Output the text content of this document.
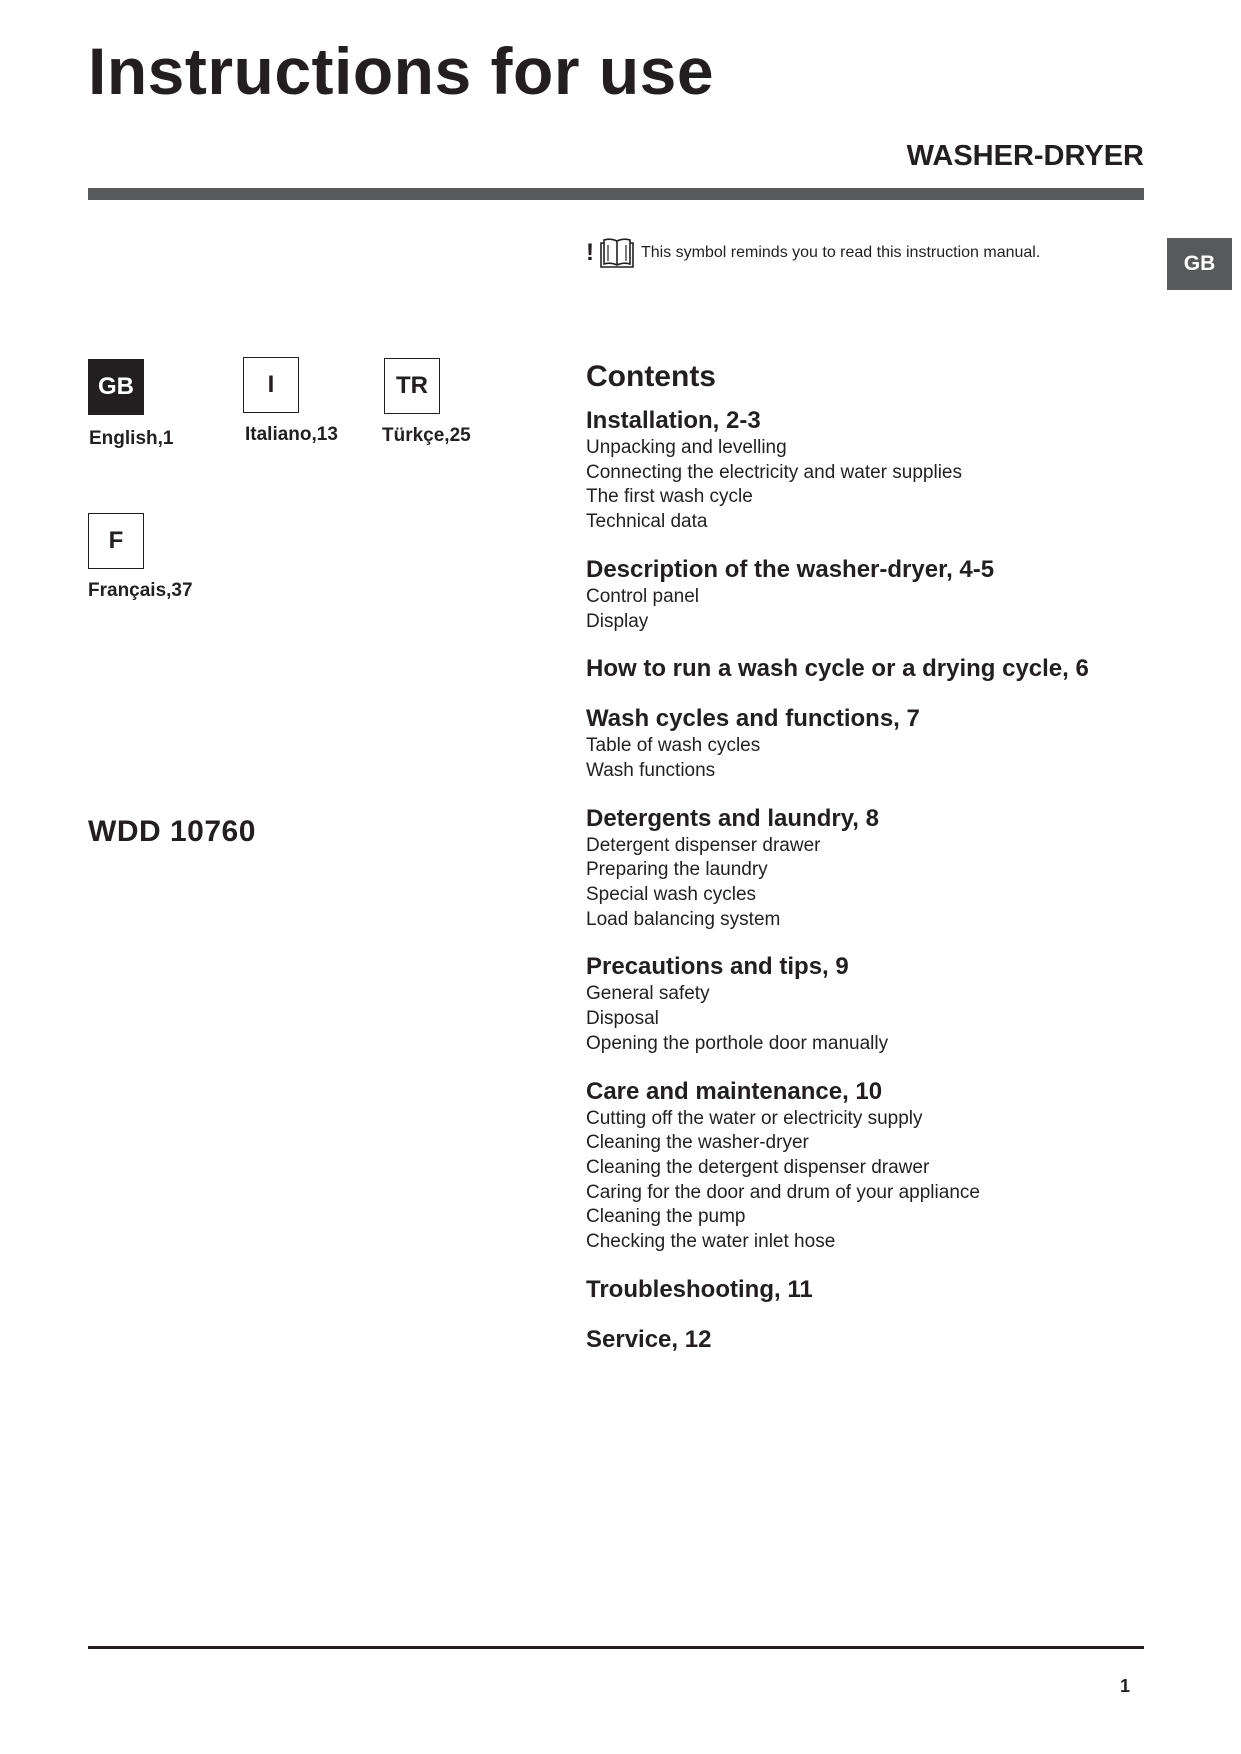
Instructions for use
WASHER-DRYER
GB
!	This symbol reminds you to read this instruction manual.
GB
English,1
I
Italiano,13
TR
Türkçe,25
F
Français,37
WDD 10760
Contents
Installation, 2-3
Unpacking and levelling
Connecting the electricity and water supplies
The first wash cycle
Technical data
Description of the washer-dryer, 4-5
Control panel
Display
How to run a wash cycle or a drying cycle, 6
Wash cycles and functions, 7
Table of wash cycles
Wash functions
Detergents and laundry, 8
Detergent dispenser drawer
Preparing the laundry
Special wash cycles
Load balancing system
Precautions and tips, 9
General safety
Disposal
Opening the porthole door manually
Care and maintenance, 10
Cutting off the water or electricity supply
Cleaning the washer-dryer
Cleaning the detergent dispenser drawer
Caring for the door and drum of your appliance
Cleaning the pump
Checking the water inlet hose
Troubleshooting, 11
Service, 12
1
